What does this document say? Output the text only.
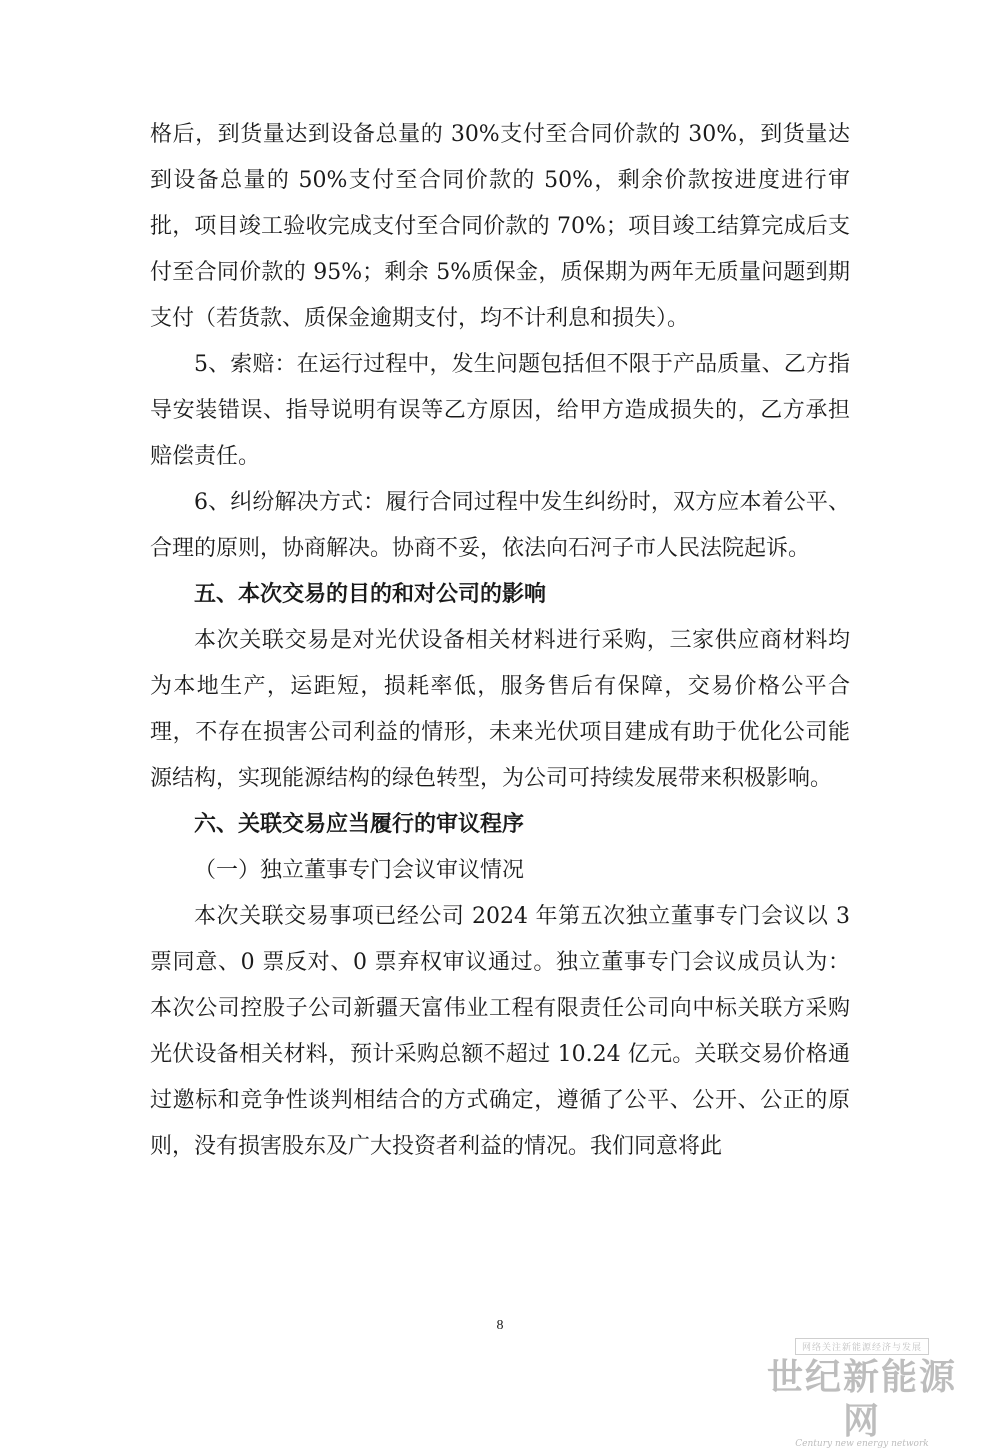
格后，到货量达到设备总量的 30%支付至合同价款的 30%，到货量达到设备总量的 50%支付至合同价款的 50%，剩余价款按进度进行审批，项目竣工验收完成支付至合同价款的 70%；项目竣工结算完成后支付至合同价款的 95%；剩余 5%质保金，质保期为两年无质量问题到期支付（若货款、质保金逾期支付，均不计利息和损失）。

5、索赔：在运行过程中，发生问题包括但不限于产品质量、乙方指导安装错误、指导说明有误等乙方原因，给甲方造成损失的，乙方承担赔偿责任。

6、纠纷解决方式：履行合同过程中发生纠纷时，双方应本着公平、合理的原则，协商解决。协商不妥，依法向石河子市人民法院起诉。

五、本次交易的目的和对公司的影响

本次关联交易是对光伏设备相关材料进行采购，三家供应商材料均为本地生产，运距短，损耗率低，服务售后有保障，交易价格公平合理，不存在损害公司利益的情形，未来光伏项目建成有助于优化公司能源结构，实现能源结构的绿色转型，为公司可持续发展带来积极影响。

六、关联交易应当履行的审议程序

（一）独立董事专门会议审议情况

本次关联交易事项已经公司 2024 年第五次独立董事专门会议以 3 票同意、0 票反对、0 票弃权审议通过。独立董事专门会议成员认为：本次公司控股子公司新疆天富伟业工程有限责任公司向中标关联方采购光伏设备相关材料，预计采购总额不超过 10.24 亿元。关联交易价格通过邀标和竞争性谈判相结合的方式确定，遵循了公平、公开、公正的原则，没有损害股东及广大投资者利益的情况。我们同意将此

8
网络关注新能源经济与发展
世纪新能源网
Century new energy network
